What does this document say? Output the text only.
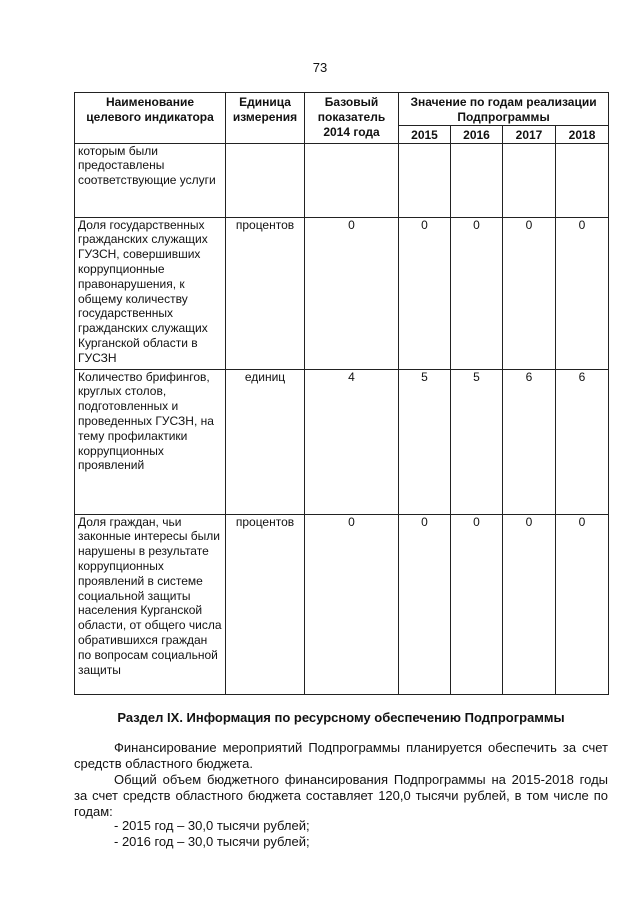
73
Наименование целевого индикатора	Единица измерения	Базовый показатель 2014 года	Значение по годам реализации Подпрограммы			
			2015	2016	2017	2018
которым были предоставлены соответствующие услуги						
Доля государственных гражданских служащих ГУЗСН, совершивших коррупционные правонарушения, к общему количеству государственных гражданских служащих Курганской области в ГУСЗН	процентов	0	0	0	0	0
Количество брифингов, круглых столов, подготовленных и проведенных ГУСЗН, на тему профилактики коррупционных проявлений	единиц	4	5	5	6	6
Доля граждан, чьи законные интересы были нарушены в результате коррупционных проявлений в системе социальной защиты населения Курганской области, от общего числа обратившихся граждан по вопросам социальной защиты	процентов	0	0	0	0	0
Раздел IX. Информация по ресурсному обеспечению Подпрограммы
Финансирование мероприятий Подпрограммы планируется обеспечить за счет средств областного бюджета.
Общий объем бюджетного финансирования Подпрограммы на 2015-2018 годы за счет средств областного бюджета составляет 120,0 тысячи рублей, в том числе по годам:
- 2015 год – 30,0 тысячи рублей;
- 2016 год – 30,0 тысячи рублей;
